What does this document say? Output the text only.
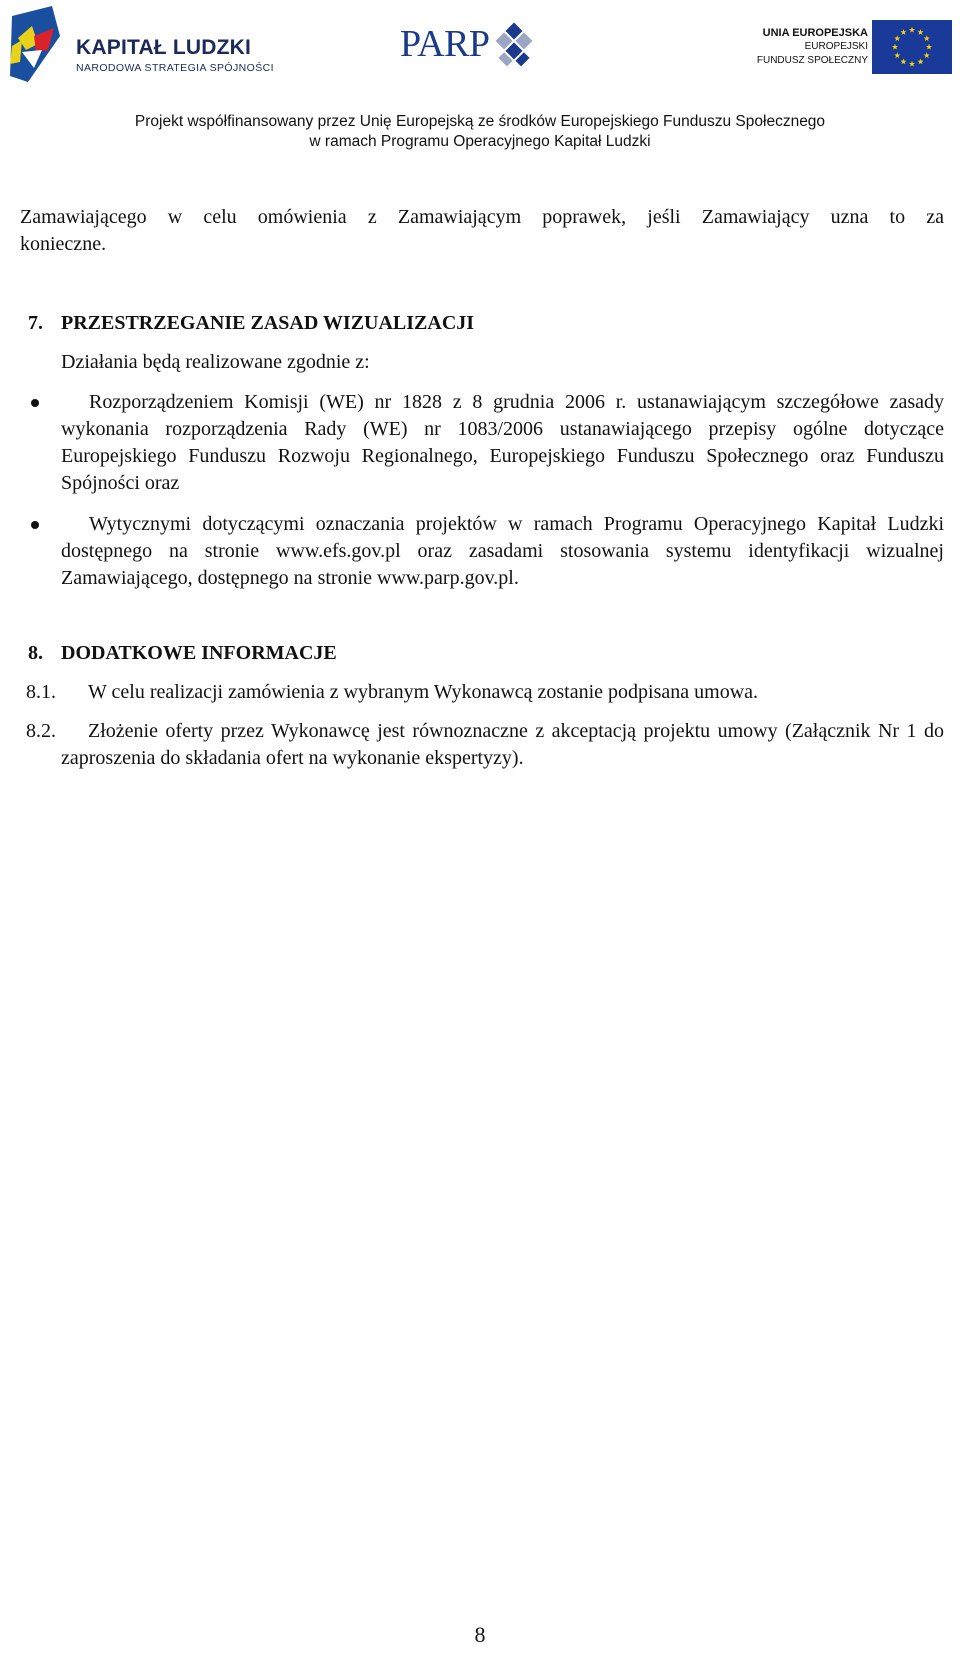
KAPITAŁ LUDZKI
NARODOWA STRATEGIA SPÓJNOŚCI
PARP	UNIA EUROPEJSKA
EUROPEJSKI
FUNDUSZ SPOŁECZNY
Projekt współfinansowany przez Unię Europejską ze środków Europejskiego Funduszu Społecznego
w ramach Programu Operacyjnego Kapitał Ludzki

Zamawiającego w celu omówienia z Zamawiającym poprawek, jeśli Zamawiający uzna to za

konieczne.

7. PRZESTRZEGANIE ZASAD WIZUALIZACJI

Działania będą realizowane zgodnie z:

Rozporządzeniem Komisji (WE) nr 1828 z 8 grudnia 2006 r. ustanawiającym szczegółowe zasady wykonania rozporządzenia Rady (WE) nr 1083/2006 ustanawiającego przepisy ogólne dotyczące Europejskiego Funduszu Rozwoju Regionalnego, Europejskiego Funduszu Społecznego oraz Funduszu Spójności oraz

Wytycznymi dotyczącymi oznaczania projektów w ramach Programu Operacyjnego Kapitał Ludzki dostępnego na stronie www.efs.gov.pl oraz zasadami stosowania systemu identyfikacji wizualnej Zamawiającego, dostępnego na stronie www.parp.gov.pl.

8. DODATKOWE INFORMACJE
8.1. W celu realizacji zamówienia z wybranym Wykonawcą zostanie podpisana umowa.

8.2.	Złożenie oferty przez Wykonawcę jest równoznaczne z akceptacją projektu umowy (Załącznik Nr 1 do zaproszenia do składania ofert na wykonanie ekspertyzy).

8
